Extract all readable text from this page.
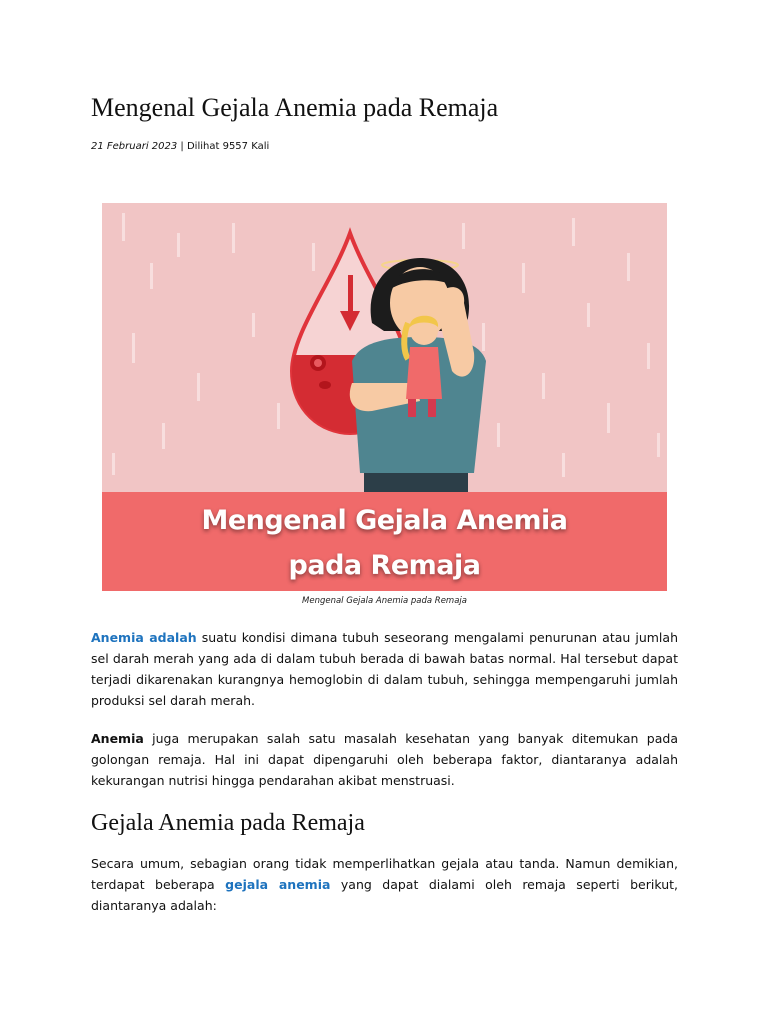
Mengenal Gejala Anemia pada Remaja
21 Februari 2023 | Dilihat 9557 Kali
Mengenal Gejala Anemia
pada Remaja
Mengenal Gejala Anemia pada Remaja

Anemia adalah suatu kondisi dimana tubuh seseorang mengalami penurunan atau jumlah sel darah merah yang ada di dalam tubuh berada di bawah batas normal. Hal tersebut dapat terjadi dikarenakan kurangnya hemoglobin di dalam tubuh, sehingga mempengaruhi jumlah produksi sel darah merah.

Anemia juga merupakan salah satu masalah kesehatan yang banyak ditemukan pada golongan remaja. Hal ini dapat dipengaruhi oleh beberapa faktor, diantaranya adalah kekurangan nutrisi hingga pendarahan akibat menstruasi.

Gejala Anemia pada Remaja

Secara umum, sebagian orang tidak memperlihatkan gejala atau tanda. Namun demikian, terdapat beberapa gejala anemia yang dapat dialami oleh remaja seperti berikut, diantaranya adalah:
